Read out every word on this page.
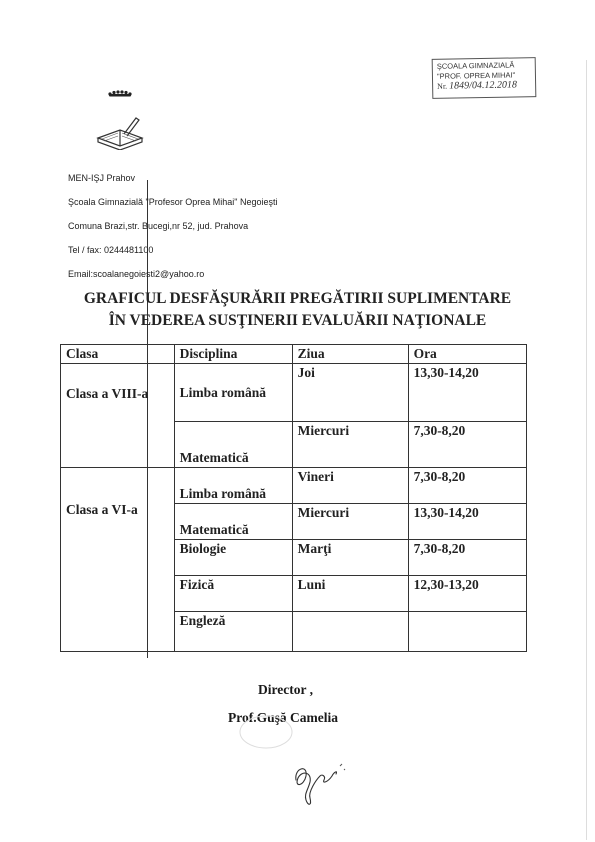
ŞCOALA GIMNAZIALĂ
"PROF. OPREA MIHAI"
Nr. 1849/04.12.2018
MEN-IŞJ Prahov
Şcoala Gimnazială "Profesor Oprea Mihai" Negoieşti
Comuna Brazi,str. Bucegi,nr 52, jud. Prahova
Tel / fax: 0244481100
Email:scoalanegoiesti2@yahoo.ro
GRAFICUL DESFĂŞURĂRII PREGĂTIRII SUPLIMENTARE
ÎN VEDEREA SUSŢINERII EVALUĂRII NAŢIONALE
Clasa	Disciplina	Ziua	Ora
Clasa a VIII-a	Limba română	Joi	13,30-14,20
	Matematică	Miercuri	7,30-8,20
Clasa a VI-a	Limba română	Vineri	7,30-8,20
	Matematică	Miercuri	13,30-14,20
	Biologie	Marţi	7,30-8,20
	Fizică	Luni	12,30-13,20
	Engleză		
Director ,
Prof.Guşă Camelia
